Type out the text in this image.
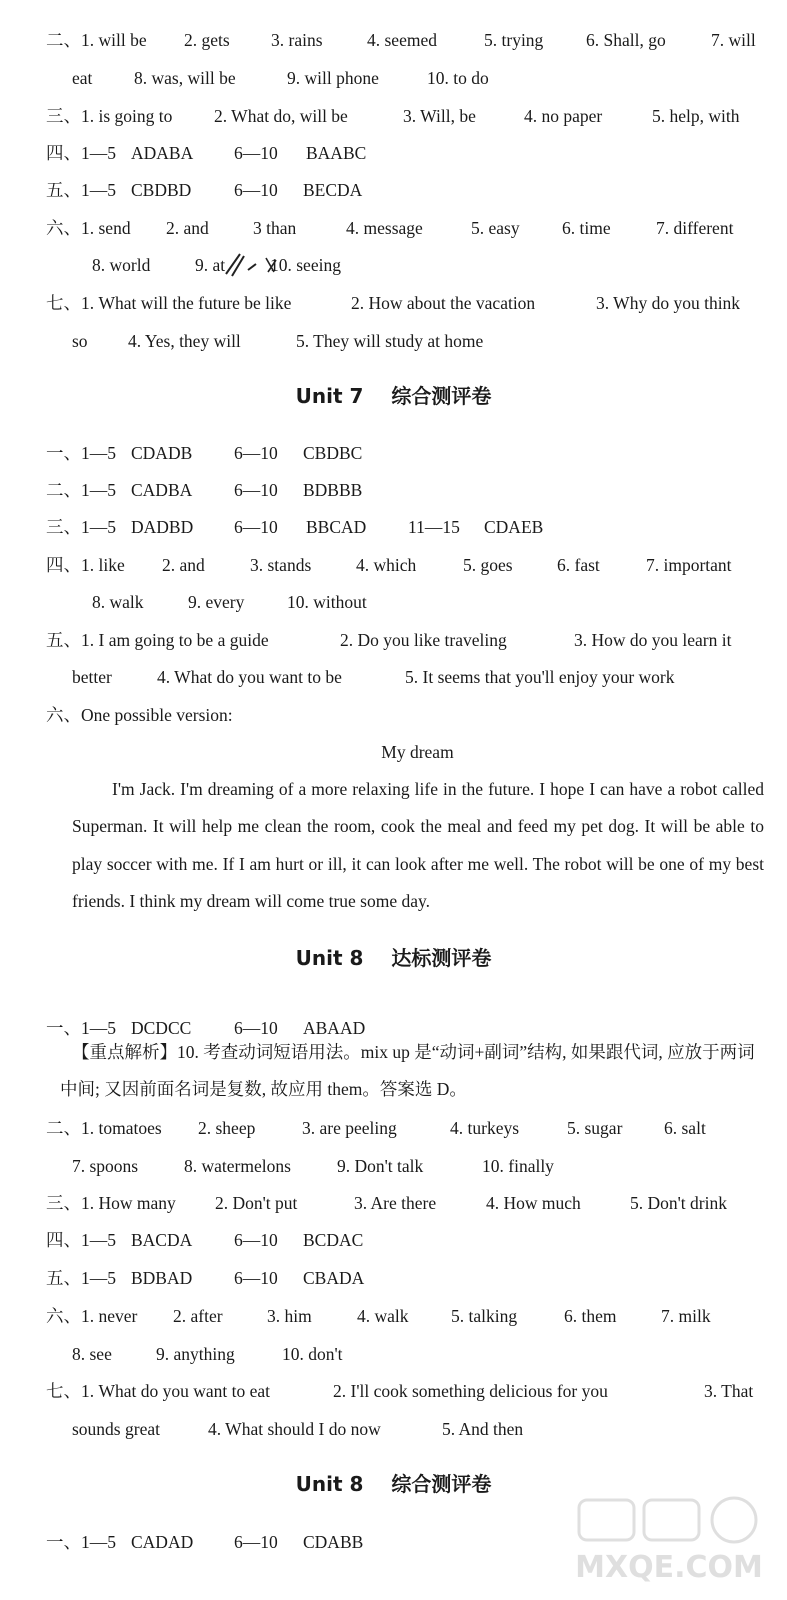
二、1. will be 2. gets 3. rains	4. seemed	5. trying 6. Shall, go	7. will
eat 8. was, will be	9. will phone	10. to do
三、1. is going to 2. What do, will be	3. Will, be	4. no paper	5. help, with
四、1—5 ADABA 6—10 BAABC
五、1—5 CBDBD 6—10 BECDA
六、1. send 2. and	3 than	4. message	5. easy 6. time	7. different
8. world	9. at	10. seeing
七、1. What will the future be like	2. How about the vacation	3. Why do you think
so 4. Yes, they will	5. They will study at home
一、1—5 CDADB 6—10 CBDBC
二、1—5 CADBA 6—10 BDBBB
三、1—5 DADBD 6—10 BBCAD 11—15 CDAEB
四、1. like 2. and	3. stands	4. which	5. goes	6. fast	7. important
8. walk	9. every 10. without
五、1. I am going to be a guide	2. Do you like traveling	3. How do you learn it
better	4. What do you want to be	5. It seems that you'll enjoy your work
六、One possible version:
一、1—5 DCDCC 6—10 ABAAD
二、1. tomatoes 2. sheep	3. are peeling	4. turkeys	5. sugar 6. salt
7. spoons	8. watermelons	9. Don't talk	10. finally
三、1. How many 2. Don't put	3. Are there	4. How much	5. Don't drink
四、1—5 BACDA 6—10 BCDAC
五、1—5 BDBAD 6—10 CBADA
六、1. never 2. after	3. him	4. walk 5. talking	6. them	7. milk
8. see	9. anything	10. don't
七、1. What do you want to eat	2. I'll cook something delicious for you	3. That
sounds great	4. What should I do now	5. And then
一、1—5 CADAD 6—10 CDABB
Unit 7 综合测评卷
Unit 8 达标测评卷
Unit 8 综合测评卷
My dream
I'm Jack. I'm dreaming of a more relaxing life in the future. I hope I can have a robot called Superman. It will help me clean the room, cook the meal and feed my pet dog. It will be able to play soccer with me. If I am hurt or ill, it can look after me well. The robot will be one of my best friends. I think my dream will come true some day.
【重点解析】10. 考查动词短语用法。mix up 是“动词+副词”结构, 如果跟代词, 应放于两词中间; 又因前面名词是复数, 故应用 them。答案选 D。
MXQE.COM
